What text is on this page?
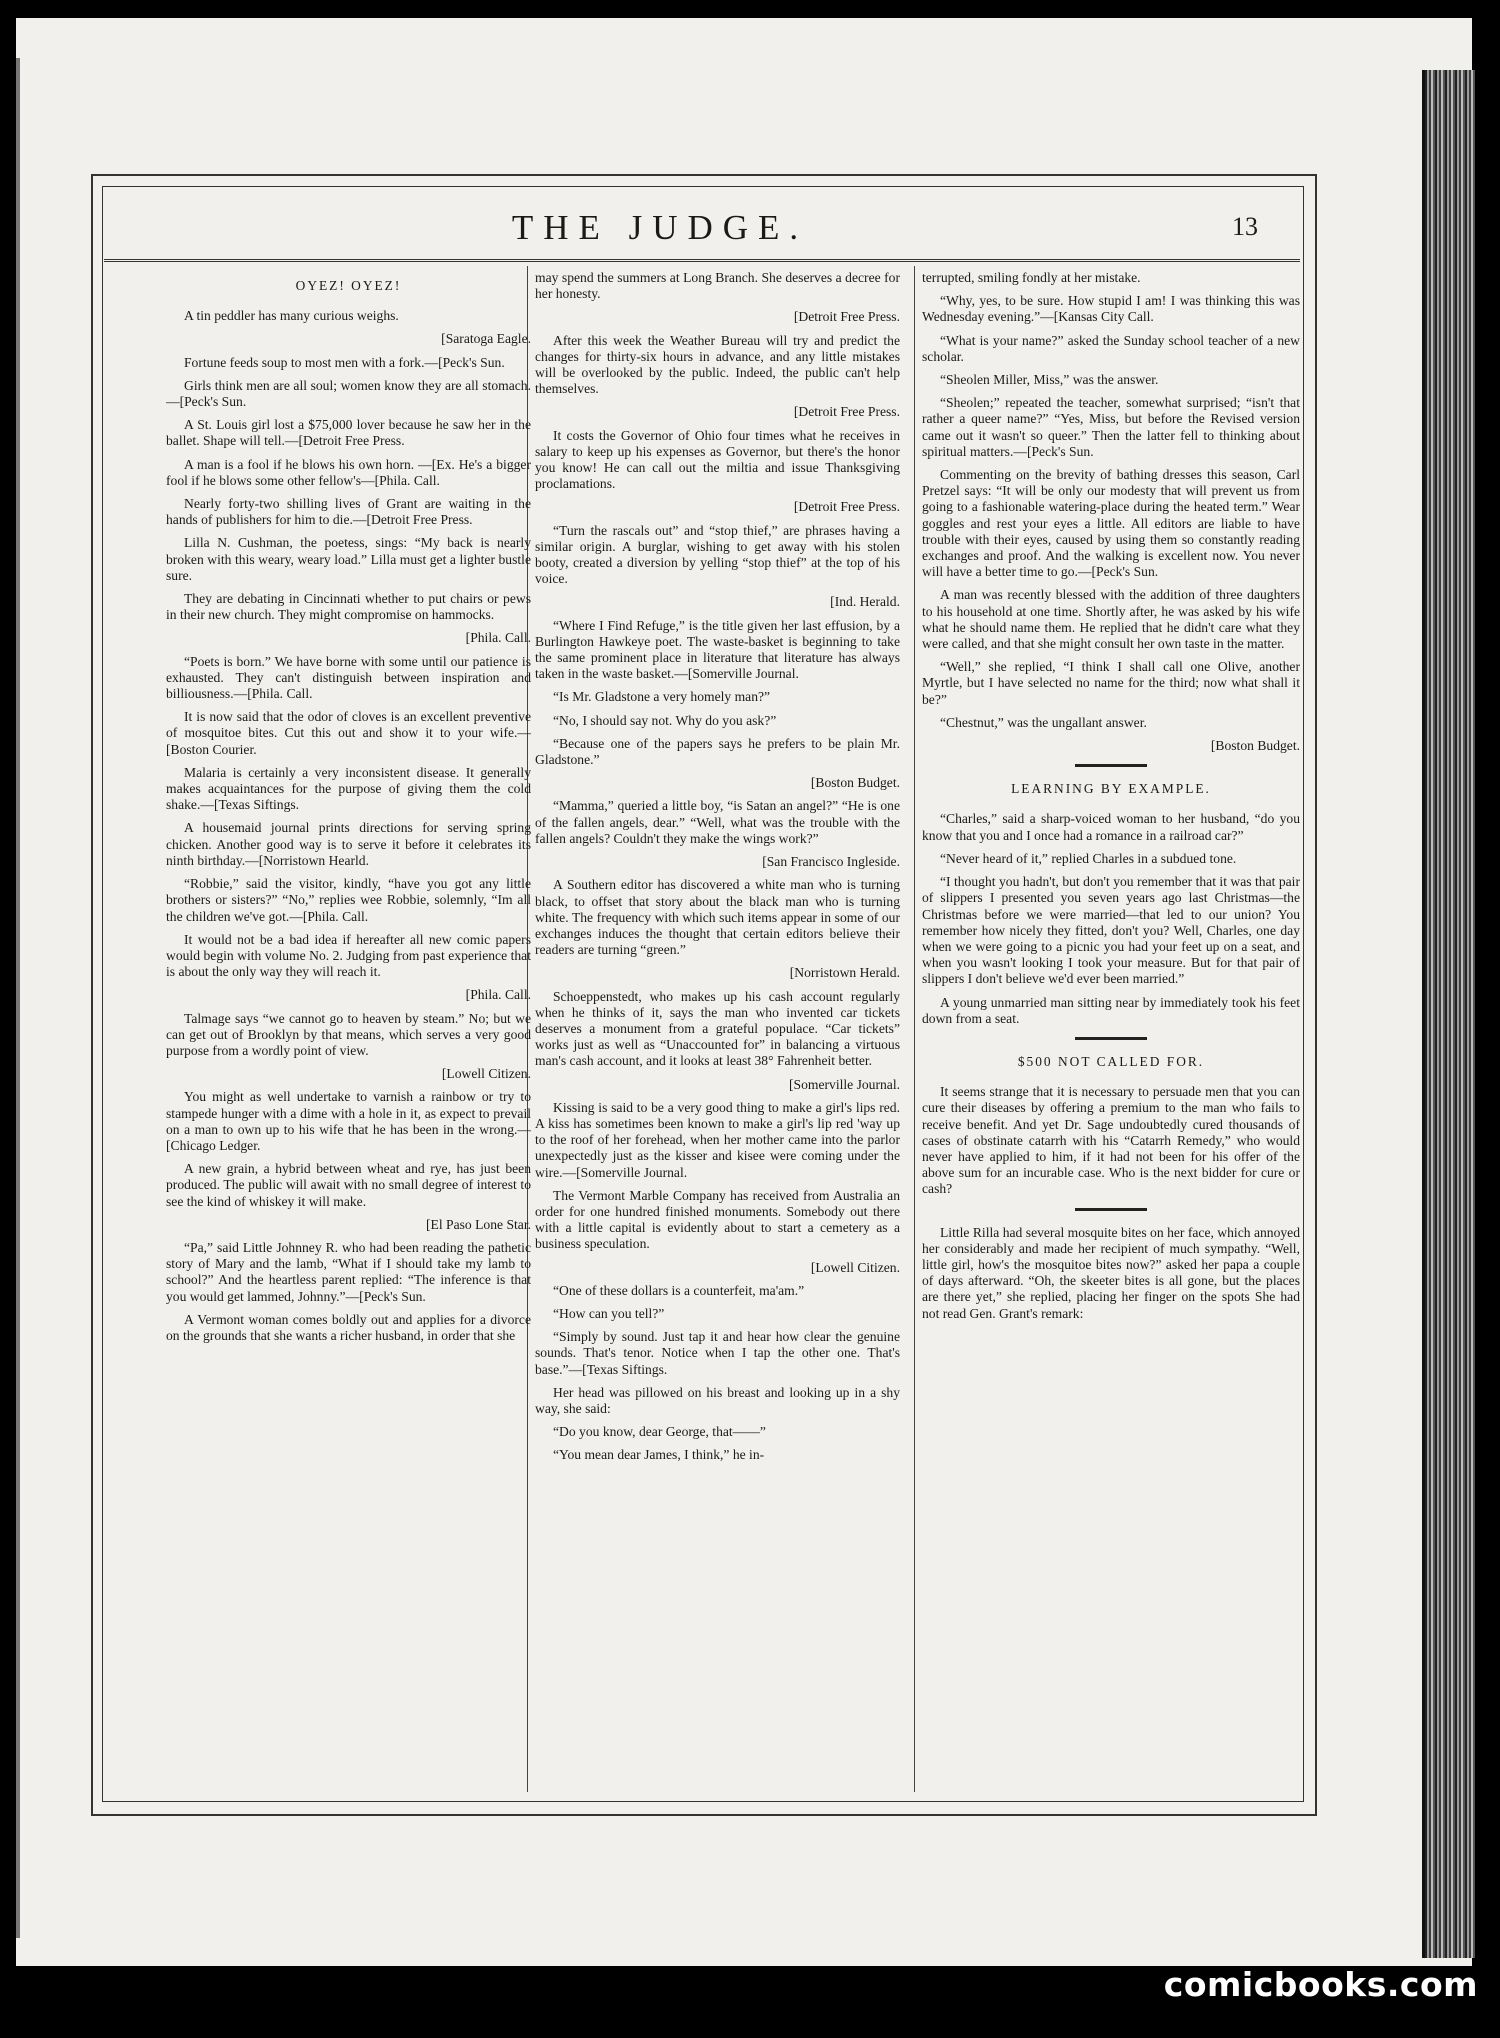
THE JUDGE.	13
OYEZ! OYEZ!

A tin peddler has many curious weighs.

[Saratoga Eagle.

Fortune feeds soup to most men with a fork.—[Peck's Sun.

Girls think men are all soul; women know they are all stomach.—[Peck's Sun.

A St. Louis girl lost a $75,000 lover because he saw her in the ballet. Shape will tell.—[Detroit Free Press.

A man is a fool if he blows his own horn. —[Ex. He's a bigger fool if he blows some other fellow's—[Phila. Call.

Nearly forty-two shilling lives of Grant are waiting in the hands of publishers for him to die.—[Detroit Free Press.

Lilla N. Cushman, the poetess, sings: “My back is nearly broken with this weary, weary load.” Lilla must get a lighter bustle sure.

They are debating in Cincinnati whether to put chairs or pews in their new church. They might compromise on hammocks.

[Phila. Call.

“Poets is born.” We have borne with some until our patience is exhausted. They can't distinguish between inspiration and billiousness.—[Phila. Call.

It is now said that the odor of cloves is an excellent preventive of mosquitoe bites. Cut this out and show it to your wife.—[Boston Courier.

Malaria is certainly a very inconsistent disease. It generally makes acquaintances for the purpose of giving them the cold shake.—[Texas Siftings.

A housemaid journal prints directions for serving spring chicken. Another good way is to serve it before it celebrates its ninth birthday.—[Norristown Hearld.

“Robbie,” said the visitor, kindly, “have you got any little brothers or sisters?” “No,” replies wee Robbie, solemnly, “Im all the children we've got.—[Phila. Call.

It would not be a bad idea if hereafter all new comic papers would begin with volume No. 2. Judging from past experience that is about the only way they will reach it.

[Phila. Call.

Talmage says “we cannot go to heaven by steam.” No; but we can get out of Brooklyn by that means, which serves a very good purpose from a wordly point of view.

[Lowell Citizen.

You might as well undertake to varnish a rainbow or try to stampede hunger with a dime with a hole in it, as expect to prevail on a man to own up to his wife that he has been in the wrong.—[Chicago Ledger.

A new grain, a hybrid between wheat and rye, has just been produced. The public will await with no small degree of interest to see the kind of whiskey it will make.

[El Paso Lone Star.

“Pa,” said Little Johnney R. who had been reading the pathetic story of Mary and the lamb, “What if I should take my lamb to school?” And the heartless parent replied: “The inference is that you would get lammed, Johnny.”—[Peck's Sun.

A Vermont woman comes boldly out and applies for a divorce on the grounds that she wants a richer husband, in order that she

may spend the summers at Long Branch. She deserves a decree for her honesty.

[Detroit Free Press.

After this week the Weather Bureau will try and predict the changes for thirty-six hours in advance, and any little mistakes will be overlooked by the public. Indeed, the public can't help themselves.

[Detroit Free Press.

It costs the Governor of Ohio four times what he receives in salary to keep up his expenses as Governor, but there's the honor you know! He can call out the miltia and issue Thanksgiving proclamations.

[Detroit Free Press.

“Turn the rascals out” and “stop thief,” are phrases having a similar origin. A burglar, wishing to get away with his stolen booty, created a diversion by yelling “stop thief” at the top of his voice.

[Ind. Herald.

“Where I Find Refuge,” is the title given her last effusion, by a Burlington Hawkeye poet. The waste-basket is beginning to take the same prominent place in literature that literature has always taken in the waste basket.—[Somerville Journal.

“Is Mr. Gladstone a very homely man?”

“No, I should say not. Why do you ask?”

“Because one of the papers says he prefers to be plain Mr. Gladstone.”

[Boston Budget.

“Mamma,” queried a little boy, “is Satan an angel?” “He is one of the fallen angels, dear.” “Well, what was the trouble with the fallen angels? Couldn't they make the wings work?”

[San Francisco Ingleside.

A Southern editor has discovered a white man who is turning black, to offset that story about the black man who is turning white. The frequency with which such items appear in some of our exchanges induces the thought that certain editors believe their readers are turning “green.”

[Norristown Herald.

Schoeppenstedt, who makes up his cash account regularly when he thinks of it, says the man who invented car tickets deserves a monument from a grateful populace. “Car tickets” works just as well as “Unaccounted for” in balancing a virtuous man's cash account, and it looks at least 38° Fahrenheit better.

[Somerville Journal.

Kissing is said to be a very good thing to make a girl's lips red. A kiss has sometimes been known to make a girl's lip red 'way up to the roof of her forehead, when her mother came into the parlor unexpectedly just as the kisser and kisee were coming under the wire.—[Somerville Journal.

The Vermont Marble Company has received from Australia an order for one hundred finished monuments. Somebody out there with a little capital is evidently about to start a cemetery as a business speculation.

[Lowell Citizen.

“One of these dollars is a counterfeit, ma'am.”

“How can you tell?”

“Simply by sound. Just tap it and hear how clear the genuine sounds. That's tenor. Notice when I tap the other one. That's base.”—[Texas Siftings.

Her head was pillowed on his breast and looking up in a shy way, she said:

“Do you know, dear George, that——”

“You mean dear James, I think,” he in-

terrupted, smiling fondly at her mistake.

“Why, yes, to be sure. How stupid I am! I was thinking this was Wednesday evening.”—[Kansas City Call.

“What is your name?” asked the Sunday school teacher of a new scholar.

“Sheolen Miller, Miss,” was the answer.

“Sheolen;” repeated the teacher, somewhat surprised; “isn't that rather a queer name?” “Yes, Miss, but before the Revised version came out it wasn't so queer.” Then the latter fell to thinking about spiritual matters.—[Peck's Sun.

Commenting on the brevity of bathing dresses this season, Carl Pretzel says: “It will be only our modesty that will prevent us from going to a fashionable watering-place during the heated term.” Wear goggles and rest your eyes a little. All editors are liable to have trouble with their eyes, caused by using them so constantly reading exchanges and proof. And the walking is excellent now. You never will have a better time to go.—[Peck's Sun.

A man was recently blessed with the addition of three daughters to his household at one time. Shortly after, he was asked by his wife what he should name them. He replied that he didn't care what they were called, and that she might consult her own taste in the matter.

“Well,” she replied, “I think I shall call one Olive, another Myrtle, but I have selected no name for the third; now what shall it be?”

“Chestnut,” was the ungallant answer.

[Boston Budget.

LEARNING BY EXAMPLE.

“Charles,” said a sharp-voiced woman to her husband, “do you know that you and I once had a romance in a railroad car?”

“Never heard of it,” replied Charles in a subdued tone.

“I thought you hadn't, but don't you remember that it was that pair of slippers I presented you seven years ago last Christmas—the Christmas before we were married—that led to our union? You remember how nicely they fitted, don't you? Well, Charles, one day when we were going to a picnic you had your feet up on a seat, and when you wasn't looking I took your measure. But for that pair of slippers I don't believe we'd ever been married.”

A young unmarried man sitting near by immediately took his feet down from a seat.

$500 NOT CALLED FOR.

It seems strange that it is necessary to persuade men that you can cure their diseases by offering a premium to the man who fails to receive benefit. And yet Dr. Sage undoubtedly cured thousands of cases of obstinate catarrh with his “Catarrh Remedy,” who would never have applied to him, if it had not been for his offer of the above sum for an incurable case. Who is the next bidder for cure or cash?

Little Rilla had several mosquite bites on her face, which annoyed her considerably and made her recipient of much sympathy. “Well, little girl, how's the mosquitoe bites now?” asked her papa a couple of days afterward. “Oh, the skeeter bites is all gone, but the places are there yet,” she replied, placing her finger on the spots She had not read Gen. Grant's remark:

comicbooks.com
